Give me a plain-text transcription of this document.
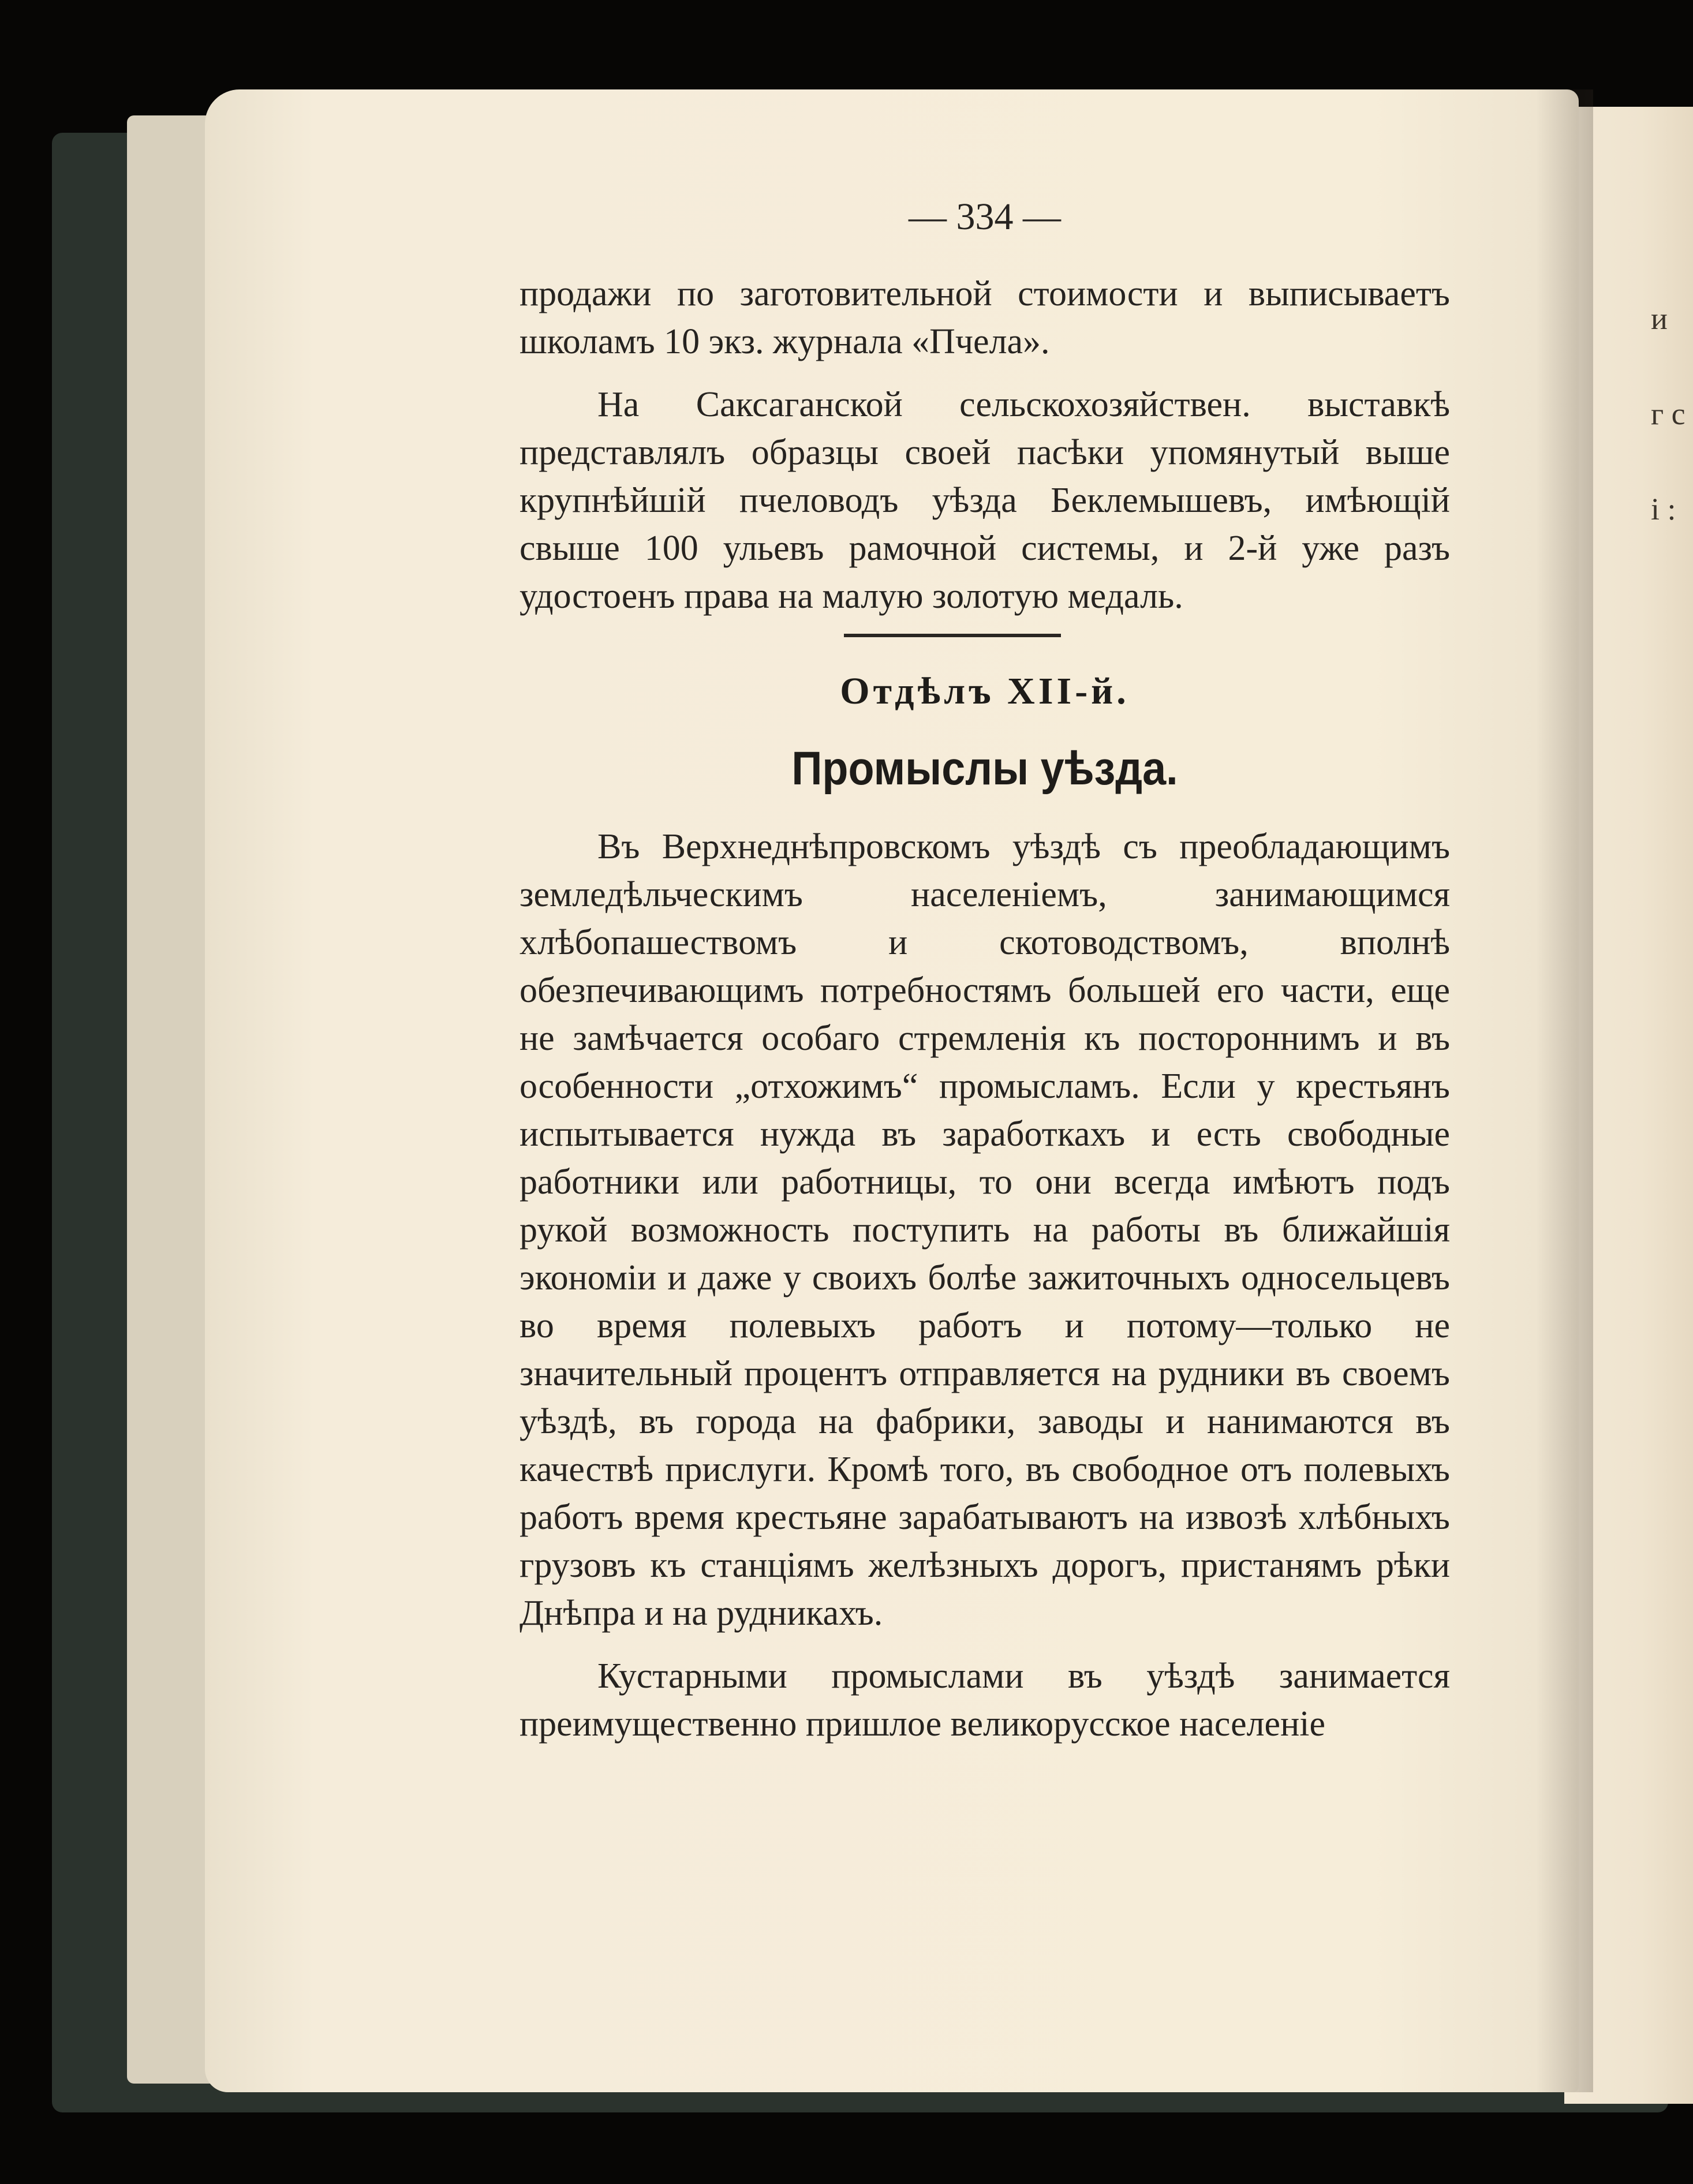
и г с і :
— 334 —

продажи по заготовительной стоимости и выписываетъ школамъ 10 экз. журнала «Пчела».

На Саксаганской сельскохозяйствен. выставкѣ представлялъ образцы своей пасѣки упомянутый выше крупнѣйшій пчеловодъ уѣзда Беклемышевъ, имѣющій свыше 100 ульевъ рамочной системы, и 2-й уже разъ удостоенъ права на малую золотую медаль.

Отдѣлъ XII-й.
Промыслы уѣзда.

Въ Верхнеднѣпровскомъ уѣздѣ съ преобладающимъ земледѣльческимъ населеніемъ, занимающимся хлѣбопашествомъ и скотоводствомъ, вполнѣ обезпечивающимъ потребностямъ большей его части, еще не замѣчается особаго стремленія къ постороннимъ и въ особенности „отхожимъ“ промысламъ. Если у крестьянъ испытывается нужда въ заработкахъ и есть свободные работники или работницы, то они всегда имѣютъ подъ рукой возможность поступить на работы въ ближайшія экономіи и даже у своихъ болѣе зажиточныхъ односельцевъ во время полевыхъ работъ и потому—только не значительный процентъ отправляется на рудники въ своемъ уѣздѣ, въ города на фабрики, заводы и нанимаются въ качествѣ прислуги. Кромѣ того, въ свободное отъ полевыхъ работъ время крестьяне зарабатываютъ на извозѣ хлѣбныхъ грузовъ къ станціямъ желѣзныхъ дорогъ, пристанямъ рѣки Днѣпра и на рудникахъ.

Кустарными промыслами въ уѣздѣ занимается преимущественно пришлое великорусское населеніе
